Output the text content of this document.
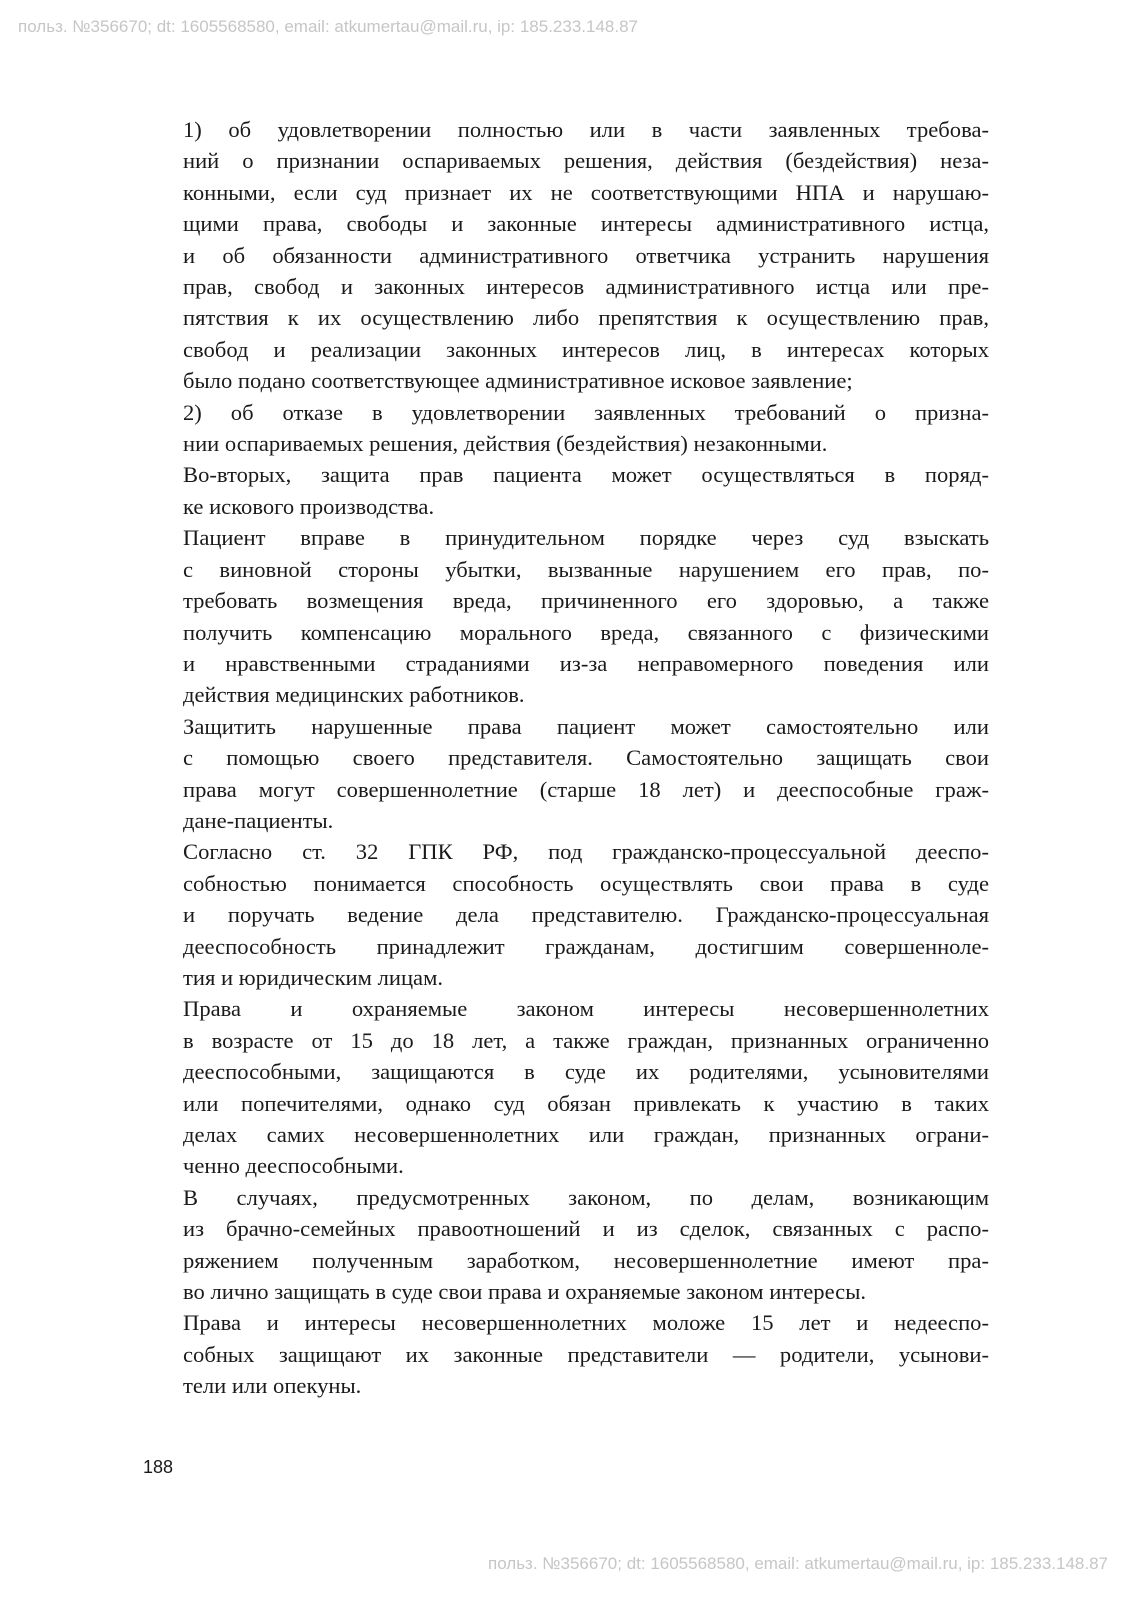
польз. №356670; dt: 1605568580, email: atkumertau@mail.ru, ip: 185.233.148.87
1) об удовлетворении полностью или в части заявленных требова-
ний о признании оспариваемых решения, действия (бездействия) неза-
конными, если суд признает их не соответствующими НПА и нарушаю-
щими права, свободы и законные интересы административного истца,
и об обязанности административного ответчика устранить нарушения
прав, свобод и законных интересов административного истца или пре-
пятствия к их осуществлению либо препятствия к осуществлению прав,
свобод и реализации законных интересов лиц, в интересах которых
было подано соответствующее административное исковое заявление;
2) об отказе в удовлетворении заявленных требований о призна-
нии оспариваемых решения, действия (бездействия) незаконными.
Во-вторых, защита прав пациента может осуществляться в поряд-
ке искового производства.
Пациент вправе в принудительном порядке через суд взыскать
с виновной стороны убытки, вызванные нарушением его прав, по-
требовать возмещения вреда, причиненного его здоровью, а также
получить компенсацию морального вреда, связанного с физическими
и нравственными страданиями из-за неправомерного поведения или
действия медицинских работников.
Защитить нарушенные права пациент может самостоятельно или
с помощью своего представителя. Самостоятельно защищать свои
права могут совершеннолетние (старше 18 лет) и дееспособные граж-
дане-пациенты.
Согласно ст. 32 ГПК РФ, под гражданско-процессуальной дееспо-
собностью понимается способность осуществлять свои права в суде
и поручать ведение дела представителю. Гражданско-процессуальная
дееспособность принадлежит гражданам, достигшим совершенноле-
тия и юридическим лицам.
Права и охраняемые законом интересы несовершеннолетних
в возрасте от 15 до 18 лет, а также граждан, признанных ограниченно
дееспособными, защищаются в суде их родителями, усыновителями
или попечителями, однако суд обязан привлекать к участию в таких
делах самих несовершеннолетних или граждан, признанных ограни-
ченно дееспособными.
В случаях, предусмотренных законом, по делам, возникающим
из брачно-семейных правоотношений и из сделок, связанных с распо-
ряжением полученным заработком, несовершеннолетние имеют пра-
во лично защищать в суде свои права и охраняемые законом интересы.
Права и интересы несовершеннолетних моложе 15 лет и недееспо-
собных защищают их законные представители — родители, усынови-
тели или опекуны.
188
польз. №356670; dt: 1605568580, email: atkumertau@mail.ru, ip: 185.233.148.87
